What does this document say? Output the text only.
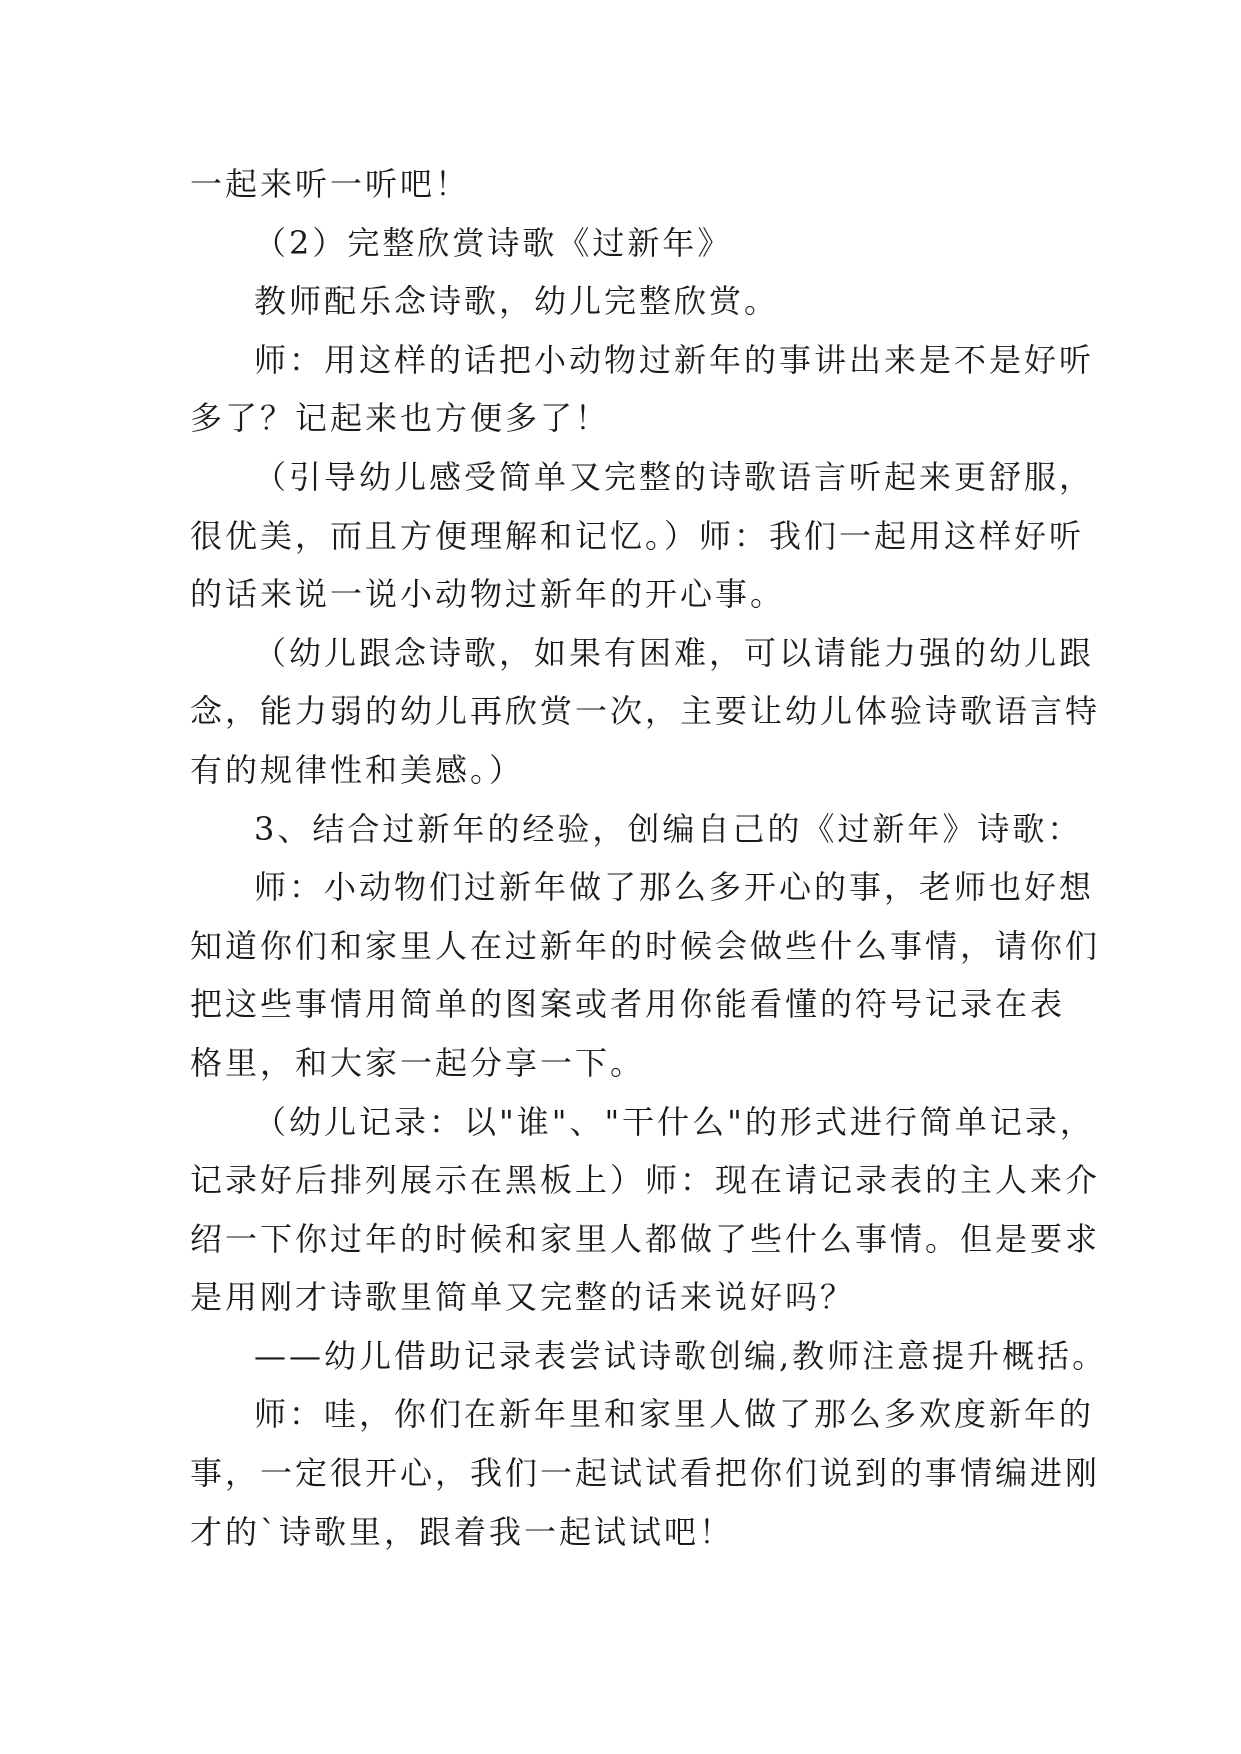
一起来听一听吧！
（2）完整欣赏诗歌《过新年》
教师配乐念诗歌，幼儿完整欣赏。
师：用这样的话把小动物过新年的事讲出来是不是好听
多了？记起来也方便多了！
（引导幼儿感受简单又完整的诗歌语言听起来更舒服，
很优美，而且方便理解和记忆。）师：我们一起用这样好听
的话来说一说小动物过新年的开心事。
（幼儿跟念诗歌，如果有困难，可以请能力强的幼儿跟
念，能力弱的幼儿再欣赏一次，主要让幼儿体验诗歌语言特
有的规律性和美感。）
3、结合过新年的经验，创编自己的《过新年》诗歌：
师：小动物们过新年做了那么多开心的事，老师也好想
知道你们和家里人在过新年的时候会做些什么事情，请你们
把这些事情用简单的图案或者用你能看懂的符号记录在表
格里，和大家一起分享一下。
（幼儿记录：以"谁"、"干什么"的形式进行简单记录，
记录好后排列展示在黑板上）师：现在请记录表的主人来介
绍一下你过年的时候和家里人都做了些什么事情。但是要求
是用刚才诗歌里简单又完整的话来说好吗？
——幼儿借助记录表尝试诗歌创编,教师注意提升概括。
师：哇，你们在新年里和家里人做了那么多欢度新年的
事，一定很开心，我们一起试试看把你们说到的事情编进刚
才的`诗歌里，跟着我一起试试吧！
